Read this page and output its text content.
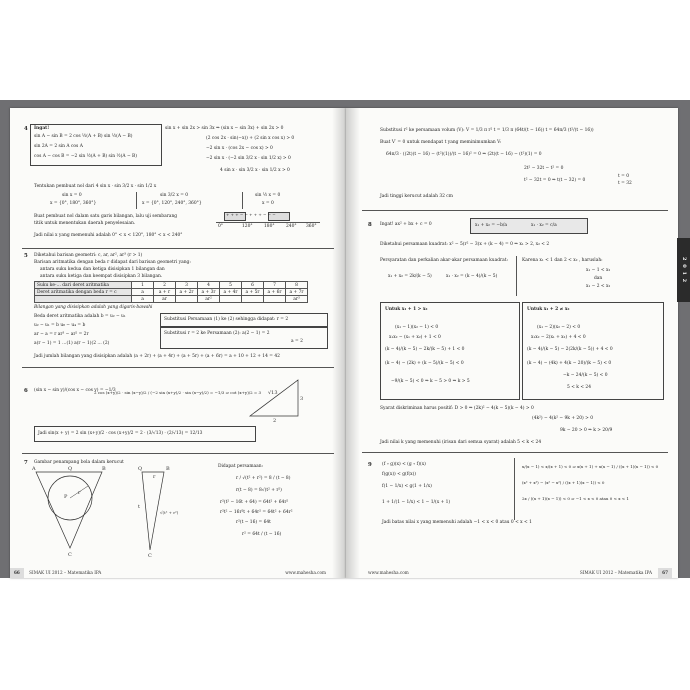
4 Ingat!
sin A − sin B = 2 cos ½(A + B) sin ½(A − B)
sin 2A = 2 sin A cos A
cos A − cos B = −2 sin ½(A + B) sin ½(A − B)
sin x + sin 2x > sin 3x ⇒ (sin x − sin 3x) + sin 2x > 0
(2 cos 2x · sin(−x)) + (2 sin x cos x) > 0
−2 sin x · (cos 2x − cos x) > 0
−2 sin x · (−2 sin 3/2 x · sin 1/2 x) > 0
4 sin x · sin 3/2 x · sin 1/2 x > 0
Tentukan pembuat nol dari 4 sin x · sin 3/2 x · sin 1/2 x
sin x = 0
x = {0°, 180°, 360°}
sin 3/2 x = 0
x = {0°, 120°, 240°, 360°}
sin ½ x = 0
x = 0
Buat pembuat nol dalam satu garis bilangan, lalu uji sembarang
titik untuk menentukan daerah penyelesaian.
+ + + − − + + + − − −
0°	120°	180°	240° 360°
Jadi nilai x yang memenuhi adalah 0° < x < 120°, 180° < x < 240°
5 Diketahui barisan geometri: c, ar, ar², ar³ (r > 1)
Barisan aritmatika dengan beda r didapat dari barisan geometri yang:
antara suku kedua dan ketiga disisipkan 1 bilangan dan
antara suku ketiga dan keempat disisipkan 3 bilangan.
Suku ke-… dari deret aritmatika	1	2	3	4	5	6	7	8
Deret aritmatika dengan beda r = c	a	a + r	a + 2r	a + 3r	a + 4r	a + 5r	a + 6r	a + 7r
	a	ar		ar²				ar³
Bilangan yang disisipkan adalah yang digaris-bawahi
Beda deret aritmatika adalah b = u₂ − u₁
u₂ − u₁ = b u₈ − u₄ = b
ar − a = r ar³ − ar² = 2r
a(r − 1) = 1 …(1) a(r − 1)(2 … (2)
Substitusi Persamaan (1) ke (2) sehingga didapat: r = 2
Substitusi r = 2 ke Persamaan (2): a(2 − 1) = 2
a = 2
Jadi jumlah bilangan yang disisipkan adalah (a + 2r) + (a + 4r) + (a + 5r) + (a + 6r) = a + 10 + 12 + 14 = 42
6 (sin x − sin y)/(cos x − cos y) = −1/3
2 cos (x+y)/2 · sin (x−y)/2 / (−2 sin (x+y)/2 · sin (x−y)/2) = −1/3 ⇒ cot (x+y)/2 = 3 √13
3
2
Jadi sin(x + y) = 2 sin (x+y)/2 · cos (x+y)/2 = 2 · (3/√13) · (2/√13) = 12/13
7 Gambar penampang bola dalam kerucut
A	Q	B
P
r
C
Q	B
C
t
r
√(t² + r²)
Didapat persamaan:
r / √(t² + r²) = 8 / (t − 8)
r(t − 8) = 8√(t² + r²)
r²(t² − 16t + 64) = 64t² + 64r²
r²t² − 16r²t + 64r² = 64t² + 64r²
r²(t − 16) = 64t
r² = 64t / (t − 16)
66 SIMAK UI 2012 – Matematika IPA	www.mahesha.com
Substitusi r² ke persamaan volum (V): V = 1/3 π r² t = 1/3 π (64t/(t − 16)) t = 64π/3 (t²/(t − 16))
Buat V′ = 0 untuk mendapat t yang meminimumkan V:
64π/3 · ((2t)(t − 16) − (t²)(1))/(t − 16)² = 0 ⇒ (2t)(t − 16) − (t²)(1) = 0
2t² − 32t − t² = 0
t² − 32t = 0 ⇒ t(t − 32) = 0
t = 0
t = 32
Jadi tinggi kerucut adalah 32 cm
8 Ingat! ax² + bx + c = 0	x₁ + x₂ = −b/a	x₁ · x₂ = c/a
Diketahui persamaan kuadrat: x² − 5(r² − 3)x + (k − 4) = 0 ⇒ x₁ > 2, x₂ < 2
Persyaratan dan perkalian akar-akar persamaan kuadrat:
x₁ + x₂ = 2k/(k − 5)	x₁ · x₂ = (k − 4)/(k − 5)
Karena x₁ < 1 dan 2 < x₂ , haruslah:
x₁ − 1 < x₂
dan
x₁ − 2 < x₂
Untuk x₁ + 1 > x₂
(x₁ − 1)(x₂ − 1) < 0
x₁x₂ − (x₁ + x₂) + 1 < 0
(k − 4)/(k − 5) − 2k/(k − 5) + 1 < 0
(k − 4) − (2k) + (k − 5)/(k − 5) < 0
−9/(k − 5) < 0 ⇒ k − 5 > 0 ⇒ k > 5
Untuk x₁ + 2 ≠ x₂
(x₁ − 2)(x₂ − 2) < 0
x₁x₂ − 2(x₁ + x₂) + 4 < 0
(k − 4)/(k − 5) − 2(2k/(k − 5)) + 4 < 0
(k − 4) − (4k) + 4(k − 20)/(k − 5) < 0
−k − 24/(k − 5) < 0
5 < k < 24
Syarat diskriminan harus positif: D > 0 ⇒ (2k)² − 4(k − 5)(k − 4) > 0
(4k²) − 4(k² − 9k + 20) > 0
9k − 20 > 0 ⇒ k > 20/9
Jadi nilai k yang memenuhi (irisan dari semua syarat) adalah 5 < k < 24
9 (f ∘ g)(x) < (g ∘ f)(x)
f(g(x)) < g(f(x))
f(1 − 1/x) < g(1 + 1/x)
1 + 1/(1 − 1/x) < 1 − 1/(x + 1)
x/(x − 1) < x/(x + 1) < 0 ⇒ x(x + 1) + x(x − 1) / ((x + 1)(x − 1)) < 0
(x² + x²) − (x² − x²) / ((x + 1)(x − 1)) < 0
2x / ((x + 1)(x − 1)) < 0 ⇒ −1 < x < 0 atau 0 < x < 1
Jadi batas nilai x yang memenuhi adalah −1 < x < 0 atau 0 < x < 1
www.mahesha.com	SIMAK UI 2012 – Matematika IPA	67
2 0 1 2
